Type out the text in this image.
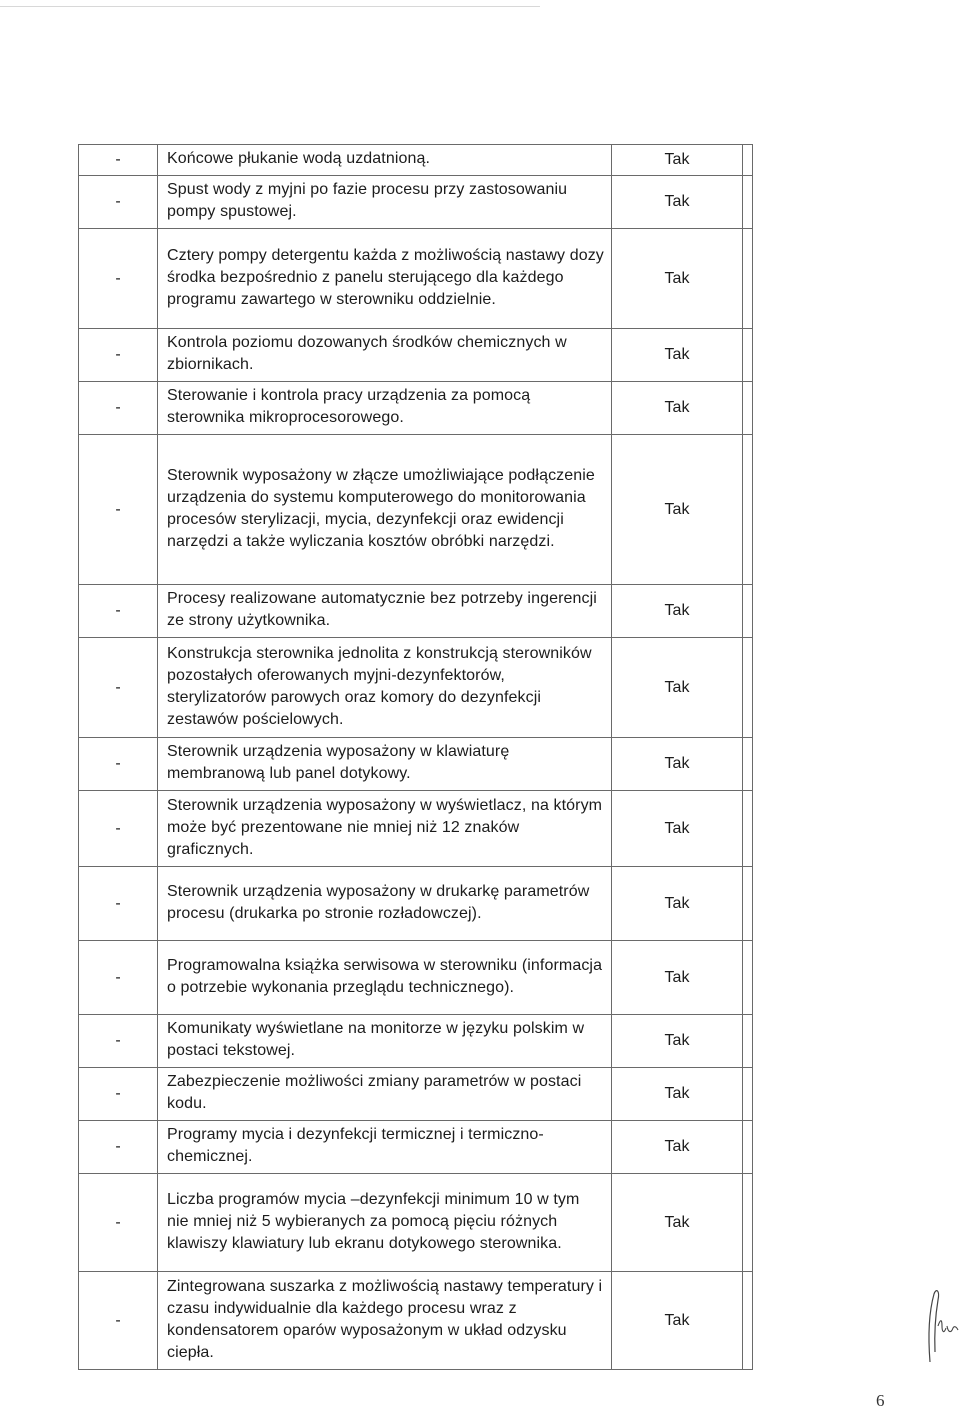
-	Końcowe płukanie wodą uzdatnioną.	Tak	
-	Spust wody z myjni po fazie procesu przy zastosowaniu pompy spustowej.	Tak	
-	Cztery pompy detergentu każda z możliwością nastawy dozy środka bezpośrednio z panelu sterującego dla każdego programu zawartego w sterowniku oddzielnie.	Tak	
-	Kontrola poziomu dozowanych środków chemicznych w zbiornikach.	Tak	
-	Sterowanie i kontrola pracy urządzenia za pomocą sterownika mikroprocesorowego.	Tak	
-	Sterownik wyposażony w złącze umożliwiające podłączenie urządzenia do systemu komputerowego do monitorowania procesów sterylizacji, mycia, dezynfekcji oraz ewidencji narzędzi a także wyliczania kosztów obróbki narzędzi.	Tak	
-	Procesy realizowane automatycznie bez potrzeby ingerencji ze strony użytkownika.	Tak	
-	Konstrukcja sterownika jednolita z konstrukcją sterowników pozostałych oferowanych myjni-dezynfektorów, sterylizatorów parowych oraz komory do dezynfekcji zestawów pościelowych.	Tak	
-	Sterownik urządzenia wyposażony w klawiaturę membranową lub panel dotykowy.	Tak	
-	Sterownik urządzenia wyposażony w wyświetlacz, na którym może być prezentowane nie mniej niż 12 znaków graficznych.	Tak	
-	Sterownik urządzenia wyposażony w drukarkę parametrów procesu (drukarka po stronie rozładowczej).	Tak	
-	Programowalna książka serwisowa w sterowniku (informacja o potrzebie wykonania przeglądu technicznego).	Tak	
-	Komunikaty wyświetlane na monitorze w języku polskim w postaci tekstowej.	Tak	
-	Zabezpieczenie możliwości zmiany parametrów w postaci kodu.	Tak	
-	Programy mycia i dezynfekcji termicznej i termiczno-chemicznej.	Tak	
-	Liczba programów mycia –dezynfekcji minimum 10 w tym nie mniej niż 5 wybieranych za pomocą pięciu różnych klawiszy klawiatury lub ekranu dotykowego sterownika.	Tak	
-	Zintegrowana suszarka z możliwością nastawy temperatury i czasu indywidualnie dla każdego procesu wraz z kondensatorem oparów wyposażonym w układ odzysku ciepła.	Tak	
6
